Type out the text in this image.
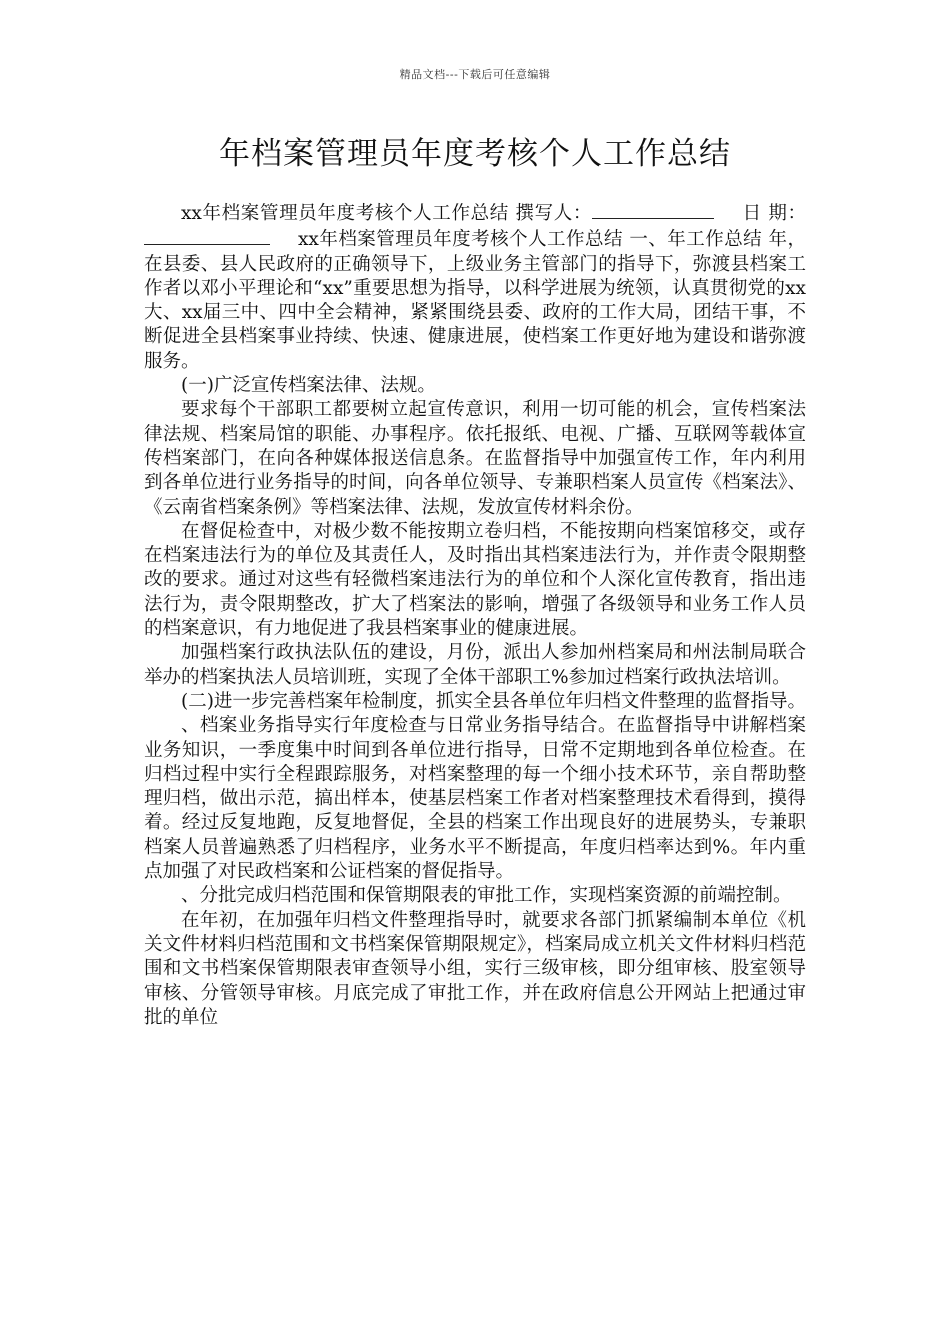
精品文档---下载后可任意编辑
年档案管理员年度考核个人工作总结

xx年档案管理员年度考核个人工作总结 撰写人：	日 期：xx年档案管理员年度考核个人工作总结 一、年工作总结 年，在县委、县人民政府的正确领导下，上级业务主管部门的指导下，弥渡县档案工作者以邓小平理论和“xx”重要思想为指导，以科学进展为统领，认真贯彻党的xx大、xx届三中、四中全会精神，紧紧围绕县委、政府的工作大局，团结干事，不断促进全县档案事业持续、快速、健康进展，使档案工作更好地为建设和谐弥渡服务。

(一)广泛宣传档案法律、法规。

要求每个干部职工都要树立起宣传意识，利用一切可能的机会，宣传档案法律法规、档案局馆的职能、办事程序。依托报纸、电视、广播、互联网等载体宣传档案部门，在向各种媒体报送信息条。在监督指导中加强宣传工作，年内利用到各单位进行业务指导的时间，向各单位领导、专兼职档案人员宣传《档案法》、《云南省档案条例》等档案法律、法规，发放宣传材料余份。

在督促检查中，对极少数不能按期立卷归档，不能按期向档案馆移交，或存在档案违法行为的单位及其责任人，及时指出其档案违法行为，并作责令限期整改的要求。通过对这些有轻微档案违法行为的单位和个人深化宣传教育，指出违法行为，责令限期整改，扩大了档案法的影响，增强了各级领导和业务工作人员的档案意识，有力地促进了我县档案事业的健康进展。

加强档案行政执法队伍的建设，月份，派出人参加州档案局和州法制局联合举办的档案执法人员培训班，实现了全体干部职工%参加过档案行政执法培训。

(二)进一步完善档案年检制度，抓实全县各单位年归档文件整理的监督指导。

、档案业务指导实行年度检查与日常业务指导结合。在监督指导中讲解档案业务知识，一季度集中时间到各单位进行指导，日常不定期地到各单位检查。在归档过程中实行全程跟踪服务，对档案整理的每一个细小技术环节，亲自帮助整理归档，做出示范，搞出样本，使基层档案工作者对档案整理技术看得到，摸得着。经过反复地跑，反复地督促，全县的档案工作出现良好的进展势头，专兼职档案人员普遍熟悉了归档程序，业务水平不断提高，年度归档率达到%。年内重点加强了对民政档案和公证档案的督促指导。

、分批完成归档范围和保管期限表的审批工作，实现档案资源的前端控制。

在年初，在加强年归档文件整理指导时，就要求各部门抓紧编制本单位《机关文件材料归档范围和文书档案保管期限规定》，档案局成立机关文件材料归档范围和文书档案保管期限表审查领导小组，实行三级审核，即分组审核、股室领导审核、分管领导审核。月底完成了审批工作，并在政府信息公开网站上把通过审批的单位
